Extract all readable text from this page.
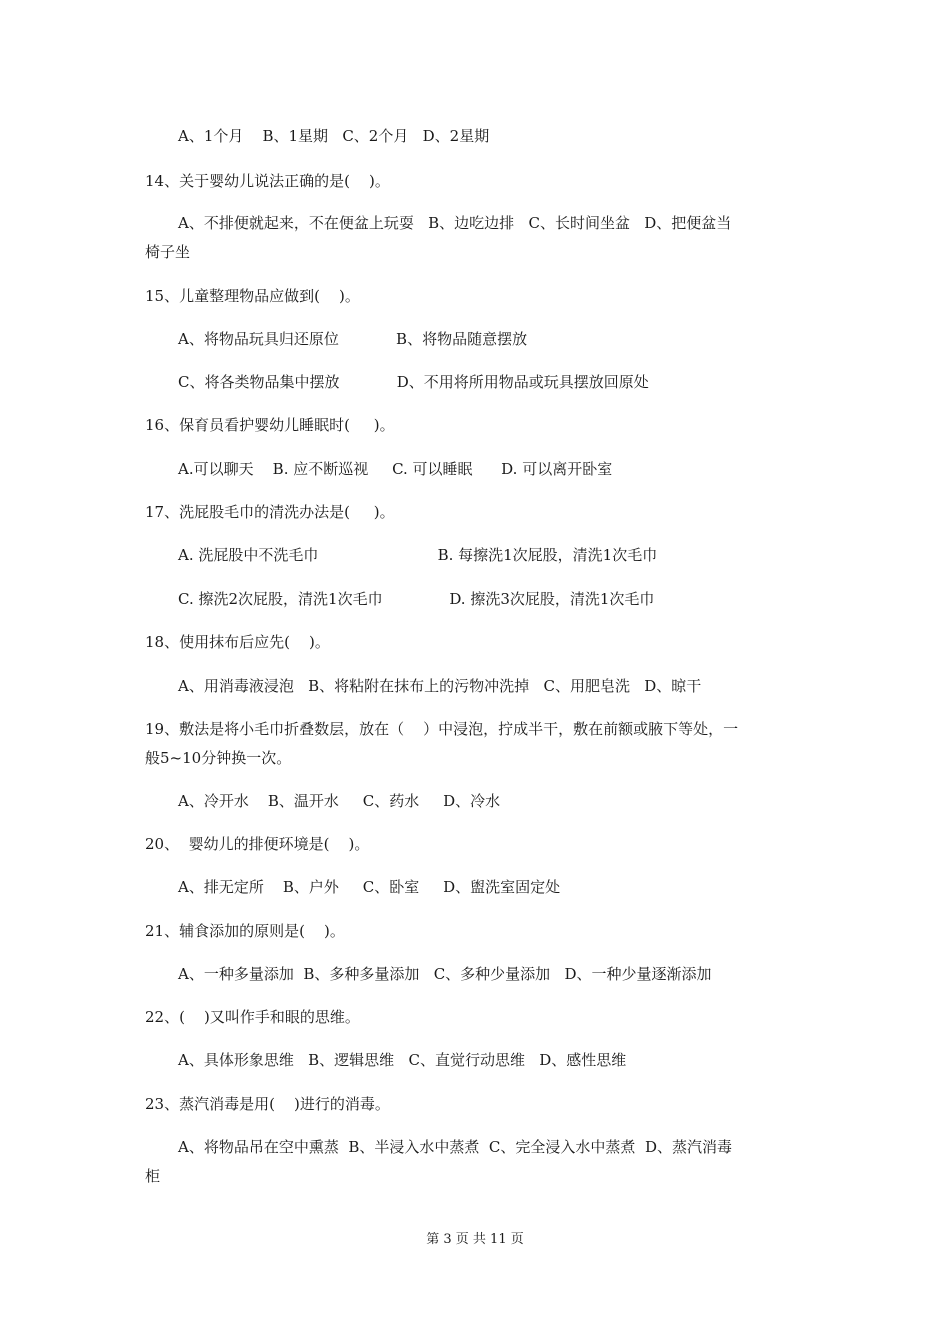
A、1个月    B、1星期   C、2个月   D、2星期
14、关于婴幼儿说法正确的是(    )。
A、不排便就起来，不在便盆上玩耍   B、边吃边排   C、长时间坐盆   D、把便盆当
椅子坐
15、儿童整理物品应做到(    )。
A、将物品玩具归还原位            B、将物品随意摆放
C、将各类物品集中摆放            D、不用将所用物品或玩具摆放回原处
16、保育员看护婴幼儿睡眠时(     )。
A.可以聊天    B. 应不断巡视     C. 可以睡眠      D. 可以离开卧室
17、洗屁股毛巾的清洗办法是(     )。
A. 洗屁股中不洗毛巾                         B. 每擦洗1次屁股，清洗1次毛巾
C. 擦洗2次屁股，清洗1次毛巾              D. 擦洗3次屁股，清洗1次毛巾
18、使用抹布后应先(    )。
A、用消毒液浸泡   B、将粘附在抹布上的污物冲洗掉   C、用肥皂洗   D、晾干
19、敷法是将小毛巾折叠数层，放在（    ）中浸泡，拧成半干，敷在前额或腋下等处，一
般5~10分钟换一次。
A、冷开水    B、温开水     C、药水     D、冷水
20、  婴幼儿的排便环境是(    )。
A、排无定所    B、户外     C、卧室     D、盥洗室固定处
21、辅食添加的原则是(    )。
A、一种多量添加  B、多种多量添加   C、多种少量添加   D、一种少量逐渐添加
22、(    )又叫作手和眼的思维。
A、具体形象思维   B、逻辑思维   C、直觉行动思维   D、感性思维
23、蒸汽消毒是用(    )进行的消毒。
A、将物品吊在空中熏蒸  B、半浸入水中蒸煮  C、完全浸入水中蒸煮  D、蒸汽消毒
柜
第 3 页 共 11 页
